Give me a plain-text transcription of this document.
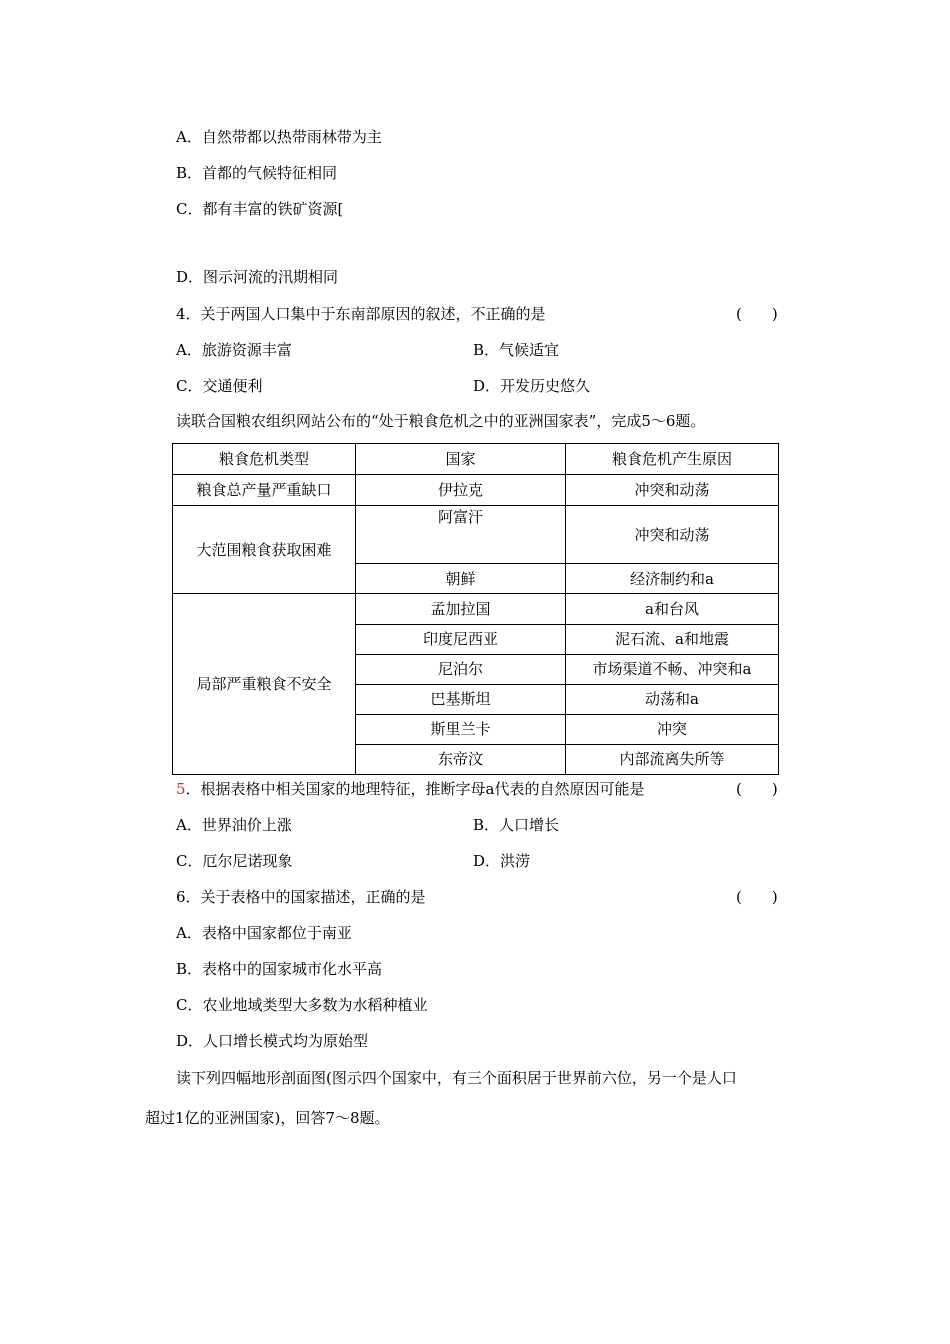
A．自然带都以热带雨林带为主
B．首都的气候特征相同
C．都有丰富的铁矿资源[
D．图示河流的汛期相同
4．关于两国人口集中于东南部原因的叙述，不正确的是	(　　)
A．旅游资源丰富	B．气候适宜
C．交通便利	D．开发历史悠久
读联合国粮农组织网站公布的“处于粮食危机之中的亚洲国家表”，完成5～6题。
粮食危机类型	国家	粮食危机产生原因
粮食总产量严重缺口	伊拉克	冲突和动荡
大范围粮食获取困难	阿富汗	冲突和动荡
	朝鲜	经济制约和a
局部严重粮食不安全	孟加拉国	a和台风
	印度尼西亚	泥石流、a和地震
	尼泊尔	市场渠道不畅、冲突和a
	巴基斯坦	动荡和a
	斯里兰卡	冲突
	东帝汶	内部流离失所等
5．根据表格中相关国家的地理特征，推断字母a代表的自然原因可能是	(　　)
A．世界油价上涨	B．人口增长
C．厄尔尼诺现象	D．洪涝
6．关于表格中的国家描述，正确的是	(　　)
A．表格中国家都位于南亚
B．表格中的国家城市化水平高
C．农业地域类型大多数为水稻种植业
D．人口增长模式均为原始型
读下列四幅地形剖面图(图示四个国家中，有三个面积居于世界前六位，另一个是人口
超过1亿的亚洲国家)，回答7～8题。
